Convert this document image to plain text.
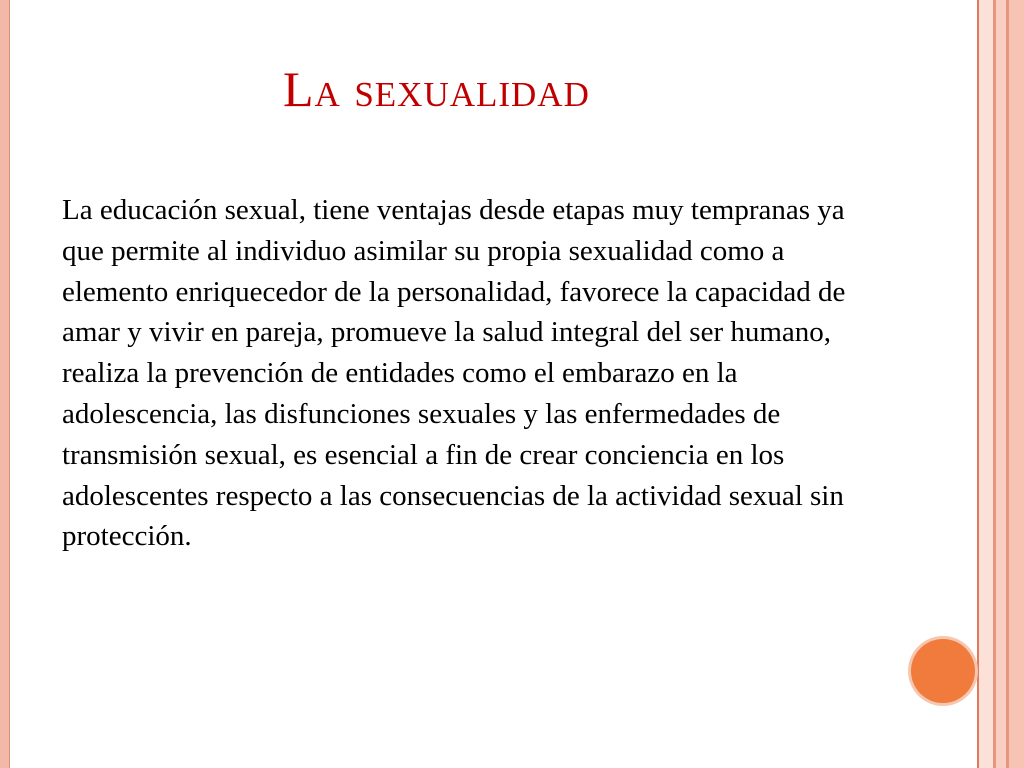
La sexualidad

La educación sexual, tiene ventajas desde etapas muy tempranas ya que permite al individuo asimilar su propia sexualidad como a elemento enriquecedor de la personalidad, favorece la capacidad de amar y vivir en pareja, promueve la salud integral del ser humano, realiza la prevención de entidades como el embarazo en la adolescencia, las disfunciones sexuales y las enfermedades de transmisión sexual, es esencial a fin de crear conciencia en los adolescentes respecto a las consecuencias de la actividad sexual sin protección.
